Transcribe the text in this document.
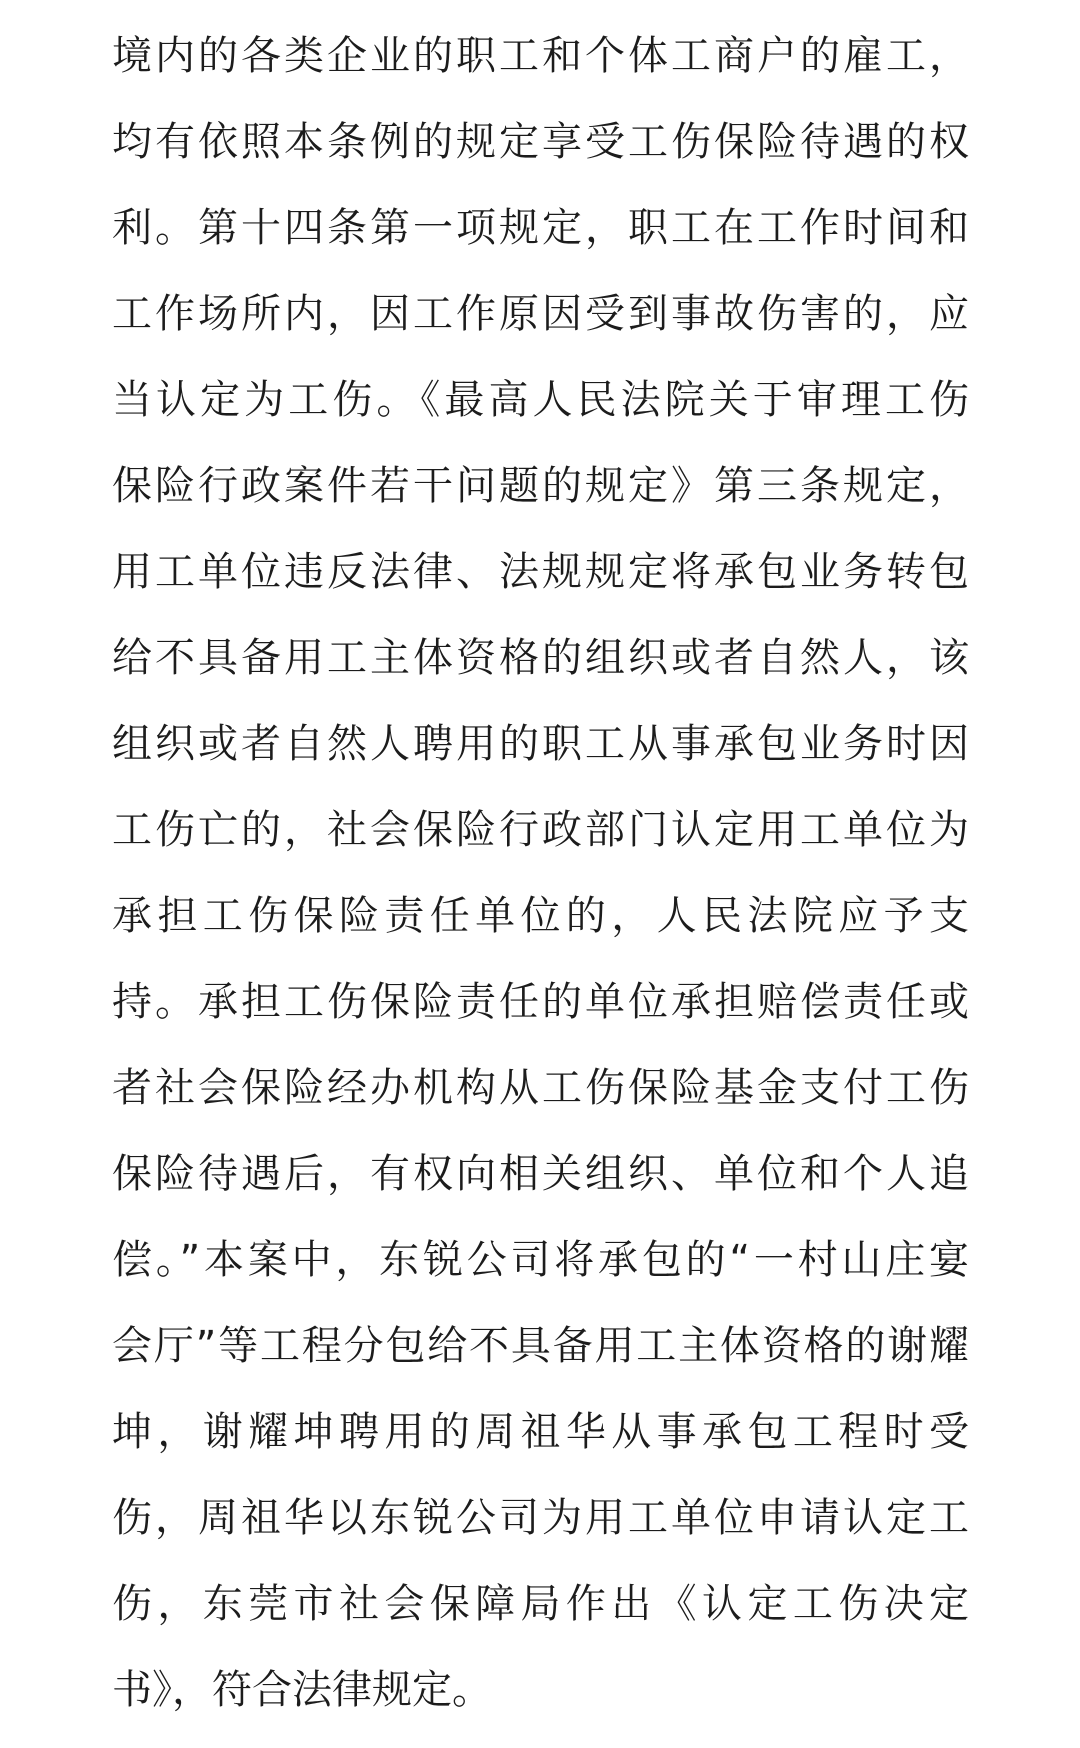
境内的各类企业的职工和个体工商户的雇工，
均有依照本条例的规定享受工伤保险待遇的权
利。第十四条第一项规定，职工在工作时间和
工作场所内，因工作原因受到事故伤害的，应
当认定为工伤。《最高人民法院关于审理工伤
保险行政案件若干问题的规定》第三条规定，
用工单位违反法律、法规规定将承包业务转包
给不具备用工主体资格的组织或者自然人，该
组织或者自然人聘用的职工从事承包业务时因
工伤亡的，社会保险行政部门认定用工单位为
承担工伤保险责任单位的，人民法院应予支
持。承担工伤保险责任的单位承担赔偿责任或
者社会保险经办机构从工伤保险基金支付工伤
保险待遇后，有权向相关组织、单位和个人追
偿。”本案中，东锐公司将承包的“一村山庄宴
会厅”等工程分包给不具备用工主体资格的谢耀
坤，谢耀坤聘用的周祖华从事承包工程时受
伤，周祖华以东锐公司为用工单位申请认定工
伤，东莞市社会保障局作出《认定工伤决定
书》，符合法律规定。
